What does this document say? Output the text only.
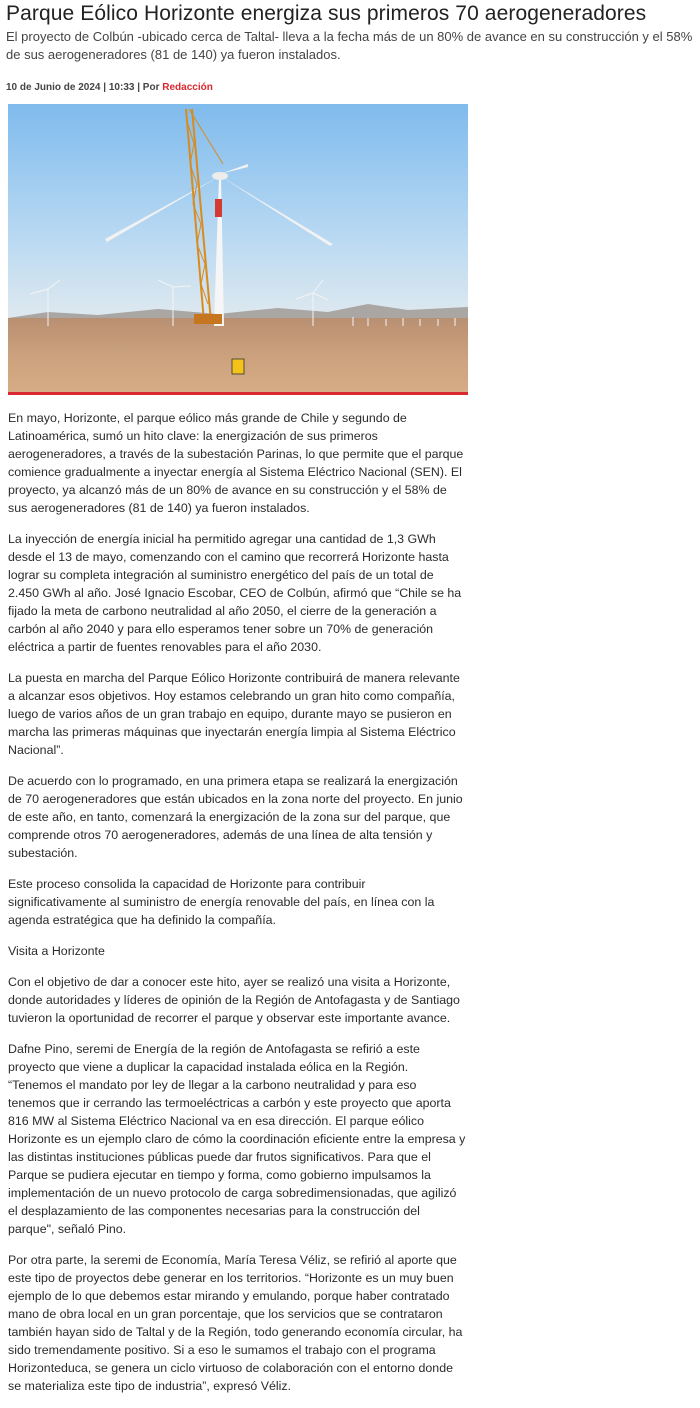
Parque Eólico Horizonte energiza sus primeros 70 aerogeneradores

El proyecto de Colbún -ubicado cerca de Taltal- lleva a la fecha más de un 80% de avance en su construcción y el 58% de sus aerogeneradores (81 de 140) ya fueron instalados.

10 de Junio de 2024 | 10:33 | Por Redacción

En mayo, Horizonte, el parque eólico más grande de Chile y segundo de Latinoamérica, sumó un hito clave: la energización de sus primeros aerogeneradores, a través de la subestación Parinas, lo que permite que el parque comience gradualmente a inyectar energía al Sistema Eléctrico Nacional (SEN). El proyecto, ya alcanzó más de un 80% de avance en su construcción y el 58% de sus aerogeneradores (81 de 140) ya fueron instalados.

La inyección de energía inicial ha permitido agregar una cantidad de 1,3 GWh desde el 13 de mayo, comenzando con el camino que recorrerá Horizonte hasta lograr su completa integración al suministro energético del país de un total de 2.450 GWh al año. José Ignacio Escobar, CEO de Colbún, afirmó que “Chile se ha fijado la meta de carbono neutralidad al año 2050, el cierre de la generación a carbón al año 2040 y para ello esperamos tener sobre un 70% de generación eléctrica a partir de fuentes renovables para el año 2030.

La puesta en marcha del Parque Eólico Horizonte contribuirá de manera relevante a alcanzar esos objetivos. Hoy estamos celebrando un gran hito como compañía, luego de varios años de un gran trabajo en equipo, durante mayo se pusieron en marcha las primeras máquinas que inyectarán energía limpia al Sistema Eléctrico Nacional”.

De acuerdo con lo programado, en una primera etapa se realizará la energización de 70 aerogeneradores que están ubicados en la zona norte del proyecto. En junio de este año, en tanto, comenzará la energización de la zona sur del parque, que comprende otros 70 aerogeneradores, además de una línea de alta tensión y subestación.

Este proceso consolida la capacidad de Horizonte para contribuir significativamente al suministro de energía renovable del país, en línea con la agenda estratégica que ha definido la compañía.

Visita a Horizonte

Con el objetivo de dar a conocer este hito, ayer se realizó una visita a Horizonte, donde autoridades y líderes de opinión de la Región de Antofagasta y de Santiago tuvieron la oportunidad de recorrer el parque y observar este importante avance.

Dafne Pino, seremi de Energía de la región de Antofagasta se refirió a este proyecto que viene a duplicar la capacidad instalada eólica en la Región. “Tenemos el mandato por ley de llegar a la carbono neutralidad y para eso tenemos que ir cerrando las termoeléctricas a carbón y este proyecto que aporta 816 MW al Sistema Eléctrico Nacional va en esa dirección. El parque eólico Horizonte es un ejemplo claro de cómo la coordinación eficiente entre la empresa y las distintas instituciones públicas puede dar frutos significativos. Para que el Parque se pudiera ejecutar en tiempo y forma, como gobierno impulsamos la implementación de un nuevo protocolo de carga sobredimensionadas, que agilizó el desplazamiento de las componentes necesarias para la construcción del parque", señaló Pino.

Por otra parte, la seremi de Economía, María Teresa Véliz, se refirió al aporte que este tipo de proyectos debe generar en los territorios. “Horizonte es un muy buen ejemplo de lo que debemos estar mirando y emulando, porque haber contratado mano de obra local en un gran porcentaje, que los servicios que se contrataron también hayan sido de Taltal y de la Región, todo generando economía circular, ha sido tremendamente positivo. Si a eso le sumamos el trabajo con el programa Horizonteduca, se genera un ciclo virtuoso de colaboración con el entorno donde se materializa este tipo de industria”, expresó Véliz.
